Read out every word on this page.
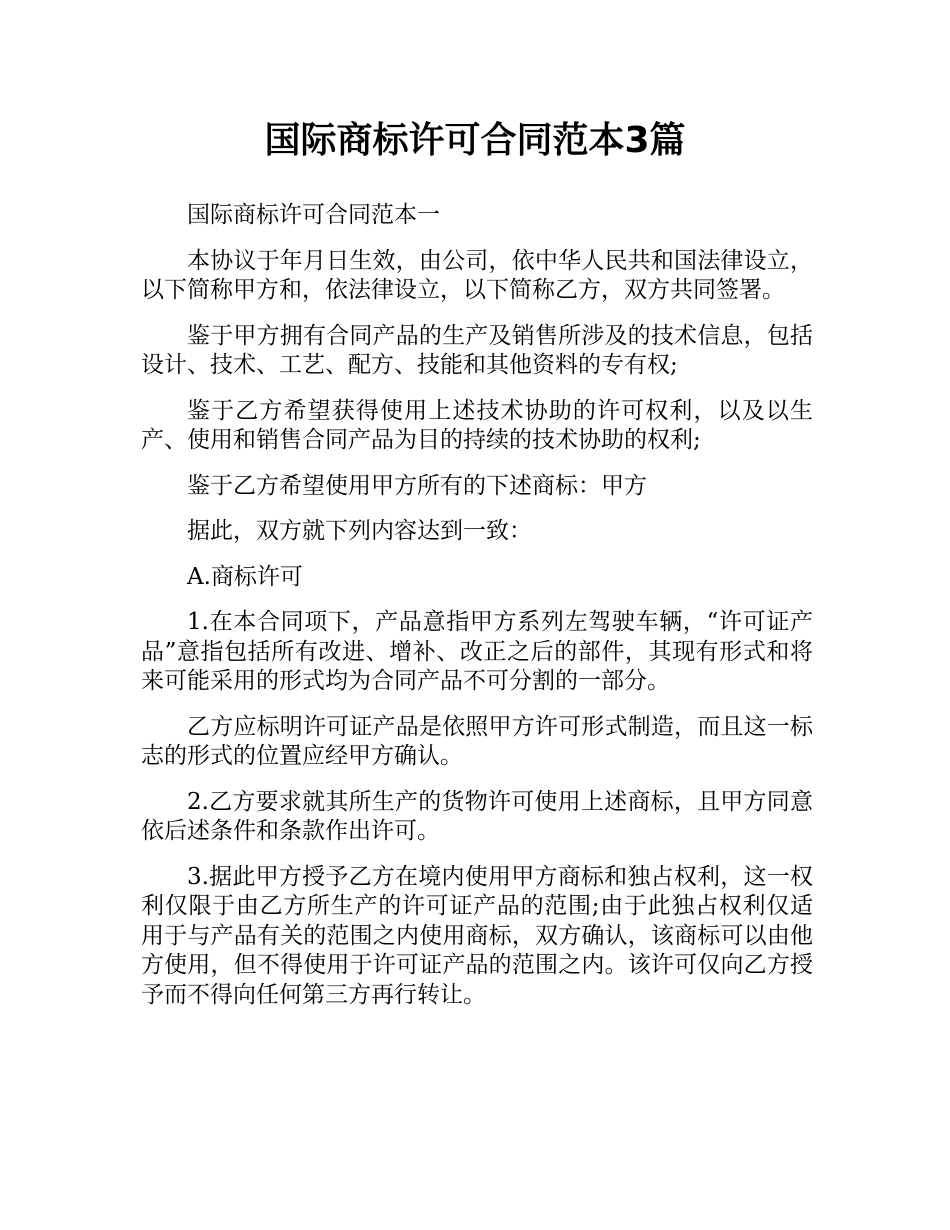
国际商标许可合同范本3篇

国际商标许可合同范本一

本协议于年月日生效，由公司，依中华人民共和国法律设立，以下简称甲方和，依法律设立，以下简称乙方，双方共同签署。

鉴于甲方拥有合同产品的生产及销售所涉及的技术信息，包括设计、技术、工艺、配方、技能和其他资料的专有权;

鉴于乙方希望获得使用上述技术协助的许可权利，以及以生产、使用和销售合同产品为目的持续的技术协助的权利;

鉴于乙方希望使用甲方所有的下述商标：甲方

据此，双方就下列内容达到一致：

A.商标许可

1.在本合同项下，产品意指甲方系列左驾驶车辆，“许可证产品”意指包括所有改进、增补、改正之后的部件，其现有形式和将来可能采用的形式均为合同产品不可分割的一部分。

乙方应标明许可证产品是依照甲方许可形式制造，而且这一标志的形式的位置应经甲方确认。

2.乙方要求就其所生产的货物许可使用上述商标，且甲方同意依后述条件和条款作出许可。

3.据此甲方授予乙方在境内使用甲方商标和独占权利，这一权利仅限于由乙方所生产的许可证产品的范围;由于此独占权利仅适用于与产品有关的范围之内使用商标，双方确认，该商标可以由他方使用，但不得使用于许可证产品的范围之内。该许可仅向乙方授予而不得向任何第三方再行转让。
